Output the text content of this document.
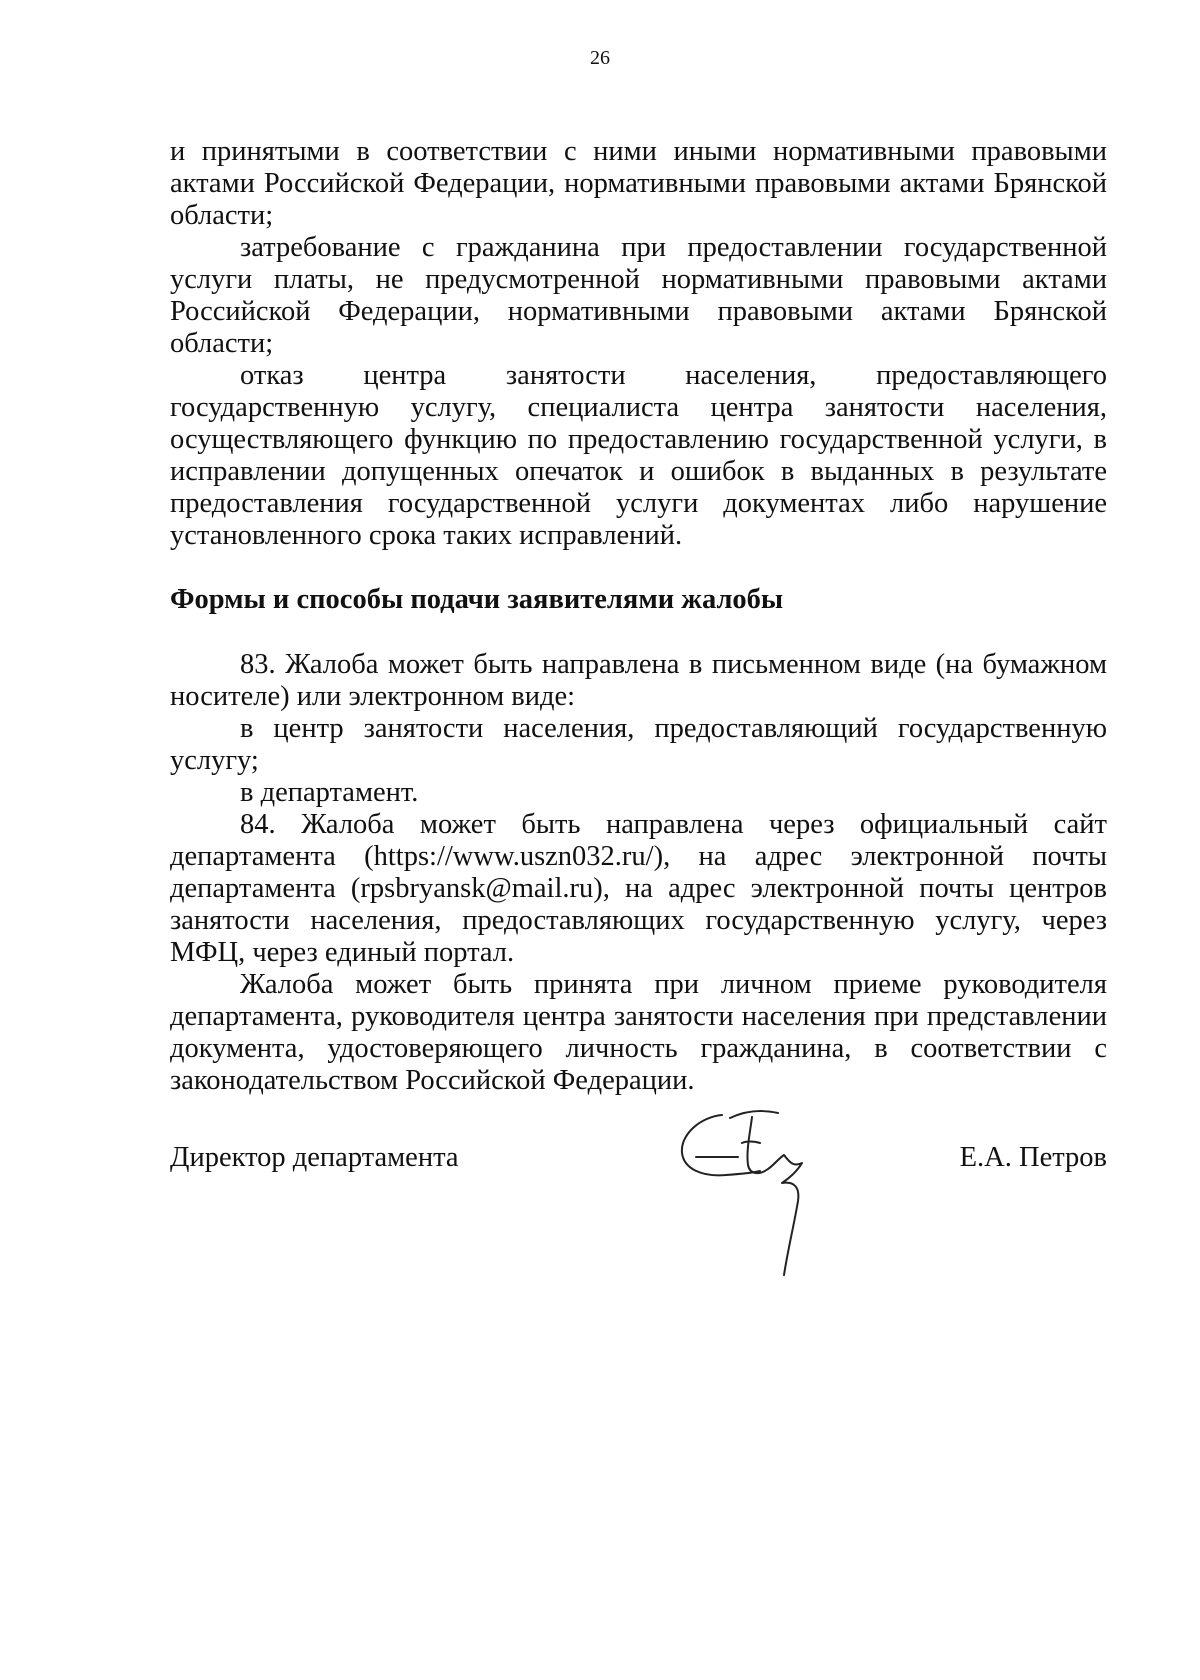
26

и принятыми в соответствии с ними иными нормативными правовыми актами Российской Федерации, нормативными правовыми актами Брянской области;

затребование с гражданина при предоставлении государственной услуги платы, не предусмотренной нормативными правовыми актами Российской Федерации, нормативными правовыми актами Брянской области;

отказ центра занятости населения, предоставляющего государственную услугу, специалиста центра занятости населения, осуществляющего функцию по предоставлению государственной услуги, в исправлении допущенных опечаток и ошибок в выданных в результате предоставления государственной услуги документах либо нарушение установленного срока таких исправлений.

Формы и способы подачи заявителями жалобы

83. Жалоба может быть направлена в письменном виде (на бумажном носителе) или электронном виде:

в центр занятости населения, предоставляющий государственную услугу;

в департамент.

84. Жалоба может быть направлена через официальный сайт департамента (https://www.uszn032.ru/), на адрес электронной почты департамента (rpsbryansk@mail.ru), на адрес электронной почты центров занятости населения, предоставляющих государственную услугу, через МФЦ, через единый портал.

Жалоба может быть принята при личном приеме руководителя департамента, руководителя центра занятости населения при представлении документа, удостоверяющего личность гражданина, в соответствии с законодательством Российской Федерации.

Директор департамента	Е.А. Петров
